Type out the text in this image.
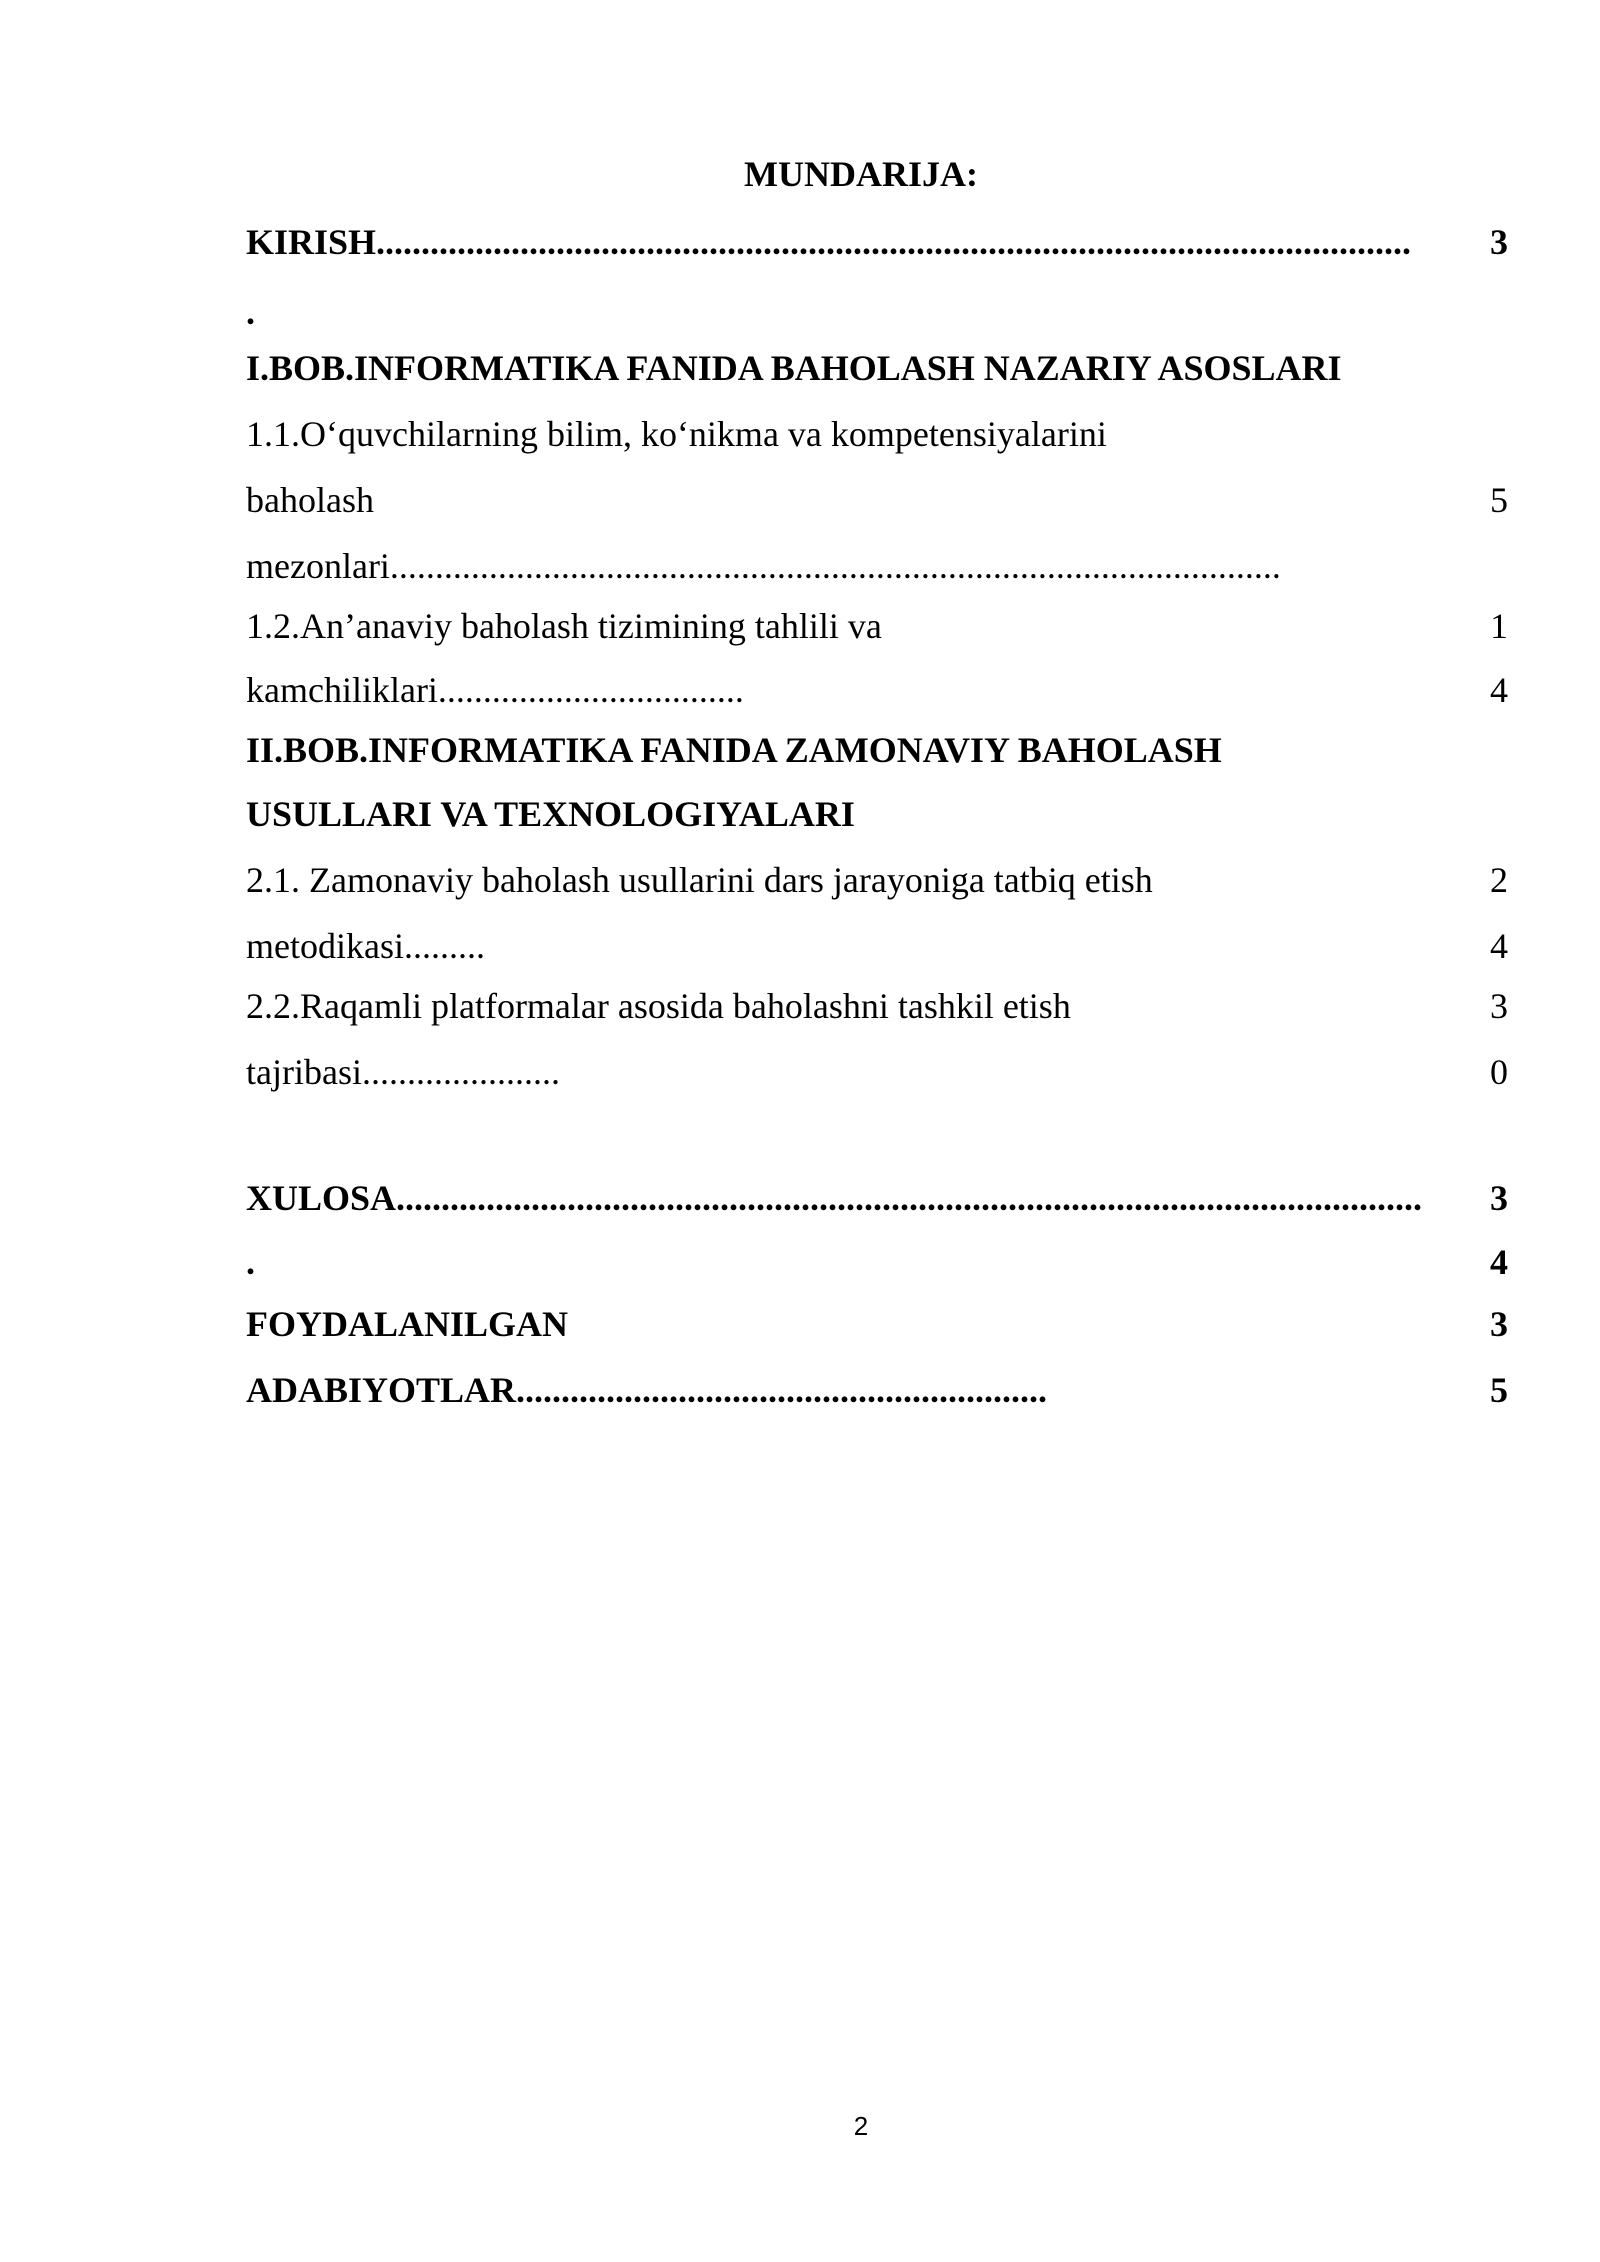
MUNDARIJA:
KIRISH...................................................................................................................	3
.
I.BOB.INFORMATIKA FANIDA BAHOLASH NAZARIY ASOSLARI
1.1.O‘quvchilarning bilim, ko‘nikma va kompetensiyalarini
baholash	5
mezonlari...................................................................................................
1.2.An’anaviy baholash tizimining tahlili va	1
kamchiliklari..................................	4
II.BOB.INFORMATIKA FANIDA ZAMONAVIY BAHOLASH
USULLARI VA TEXNOLOGIYALARI
2.1. Zamonaviy baholash usullarini dars jarayoniga tatbiq etish	2
metodikasi.........	4
2.2.Raqamli platformalar asosida baholashni tashkil etish	3
tajribasi......................	0
XULOSA..................................................................................................................	3
.	4
FOYDALANILGAN	3
ADABIYOTLAR...........................................................	5
2
